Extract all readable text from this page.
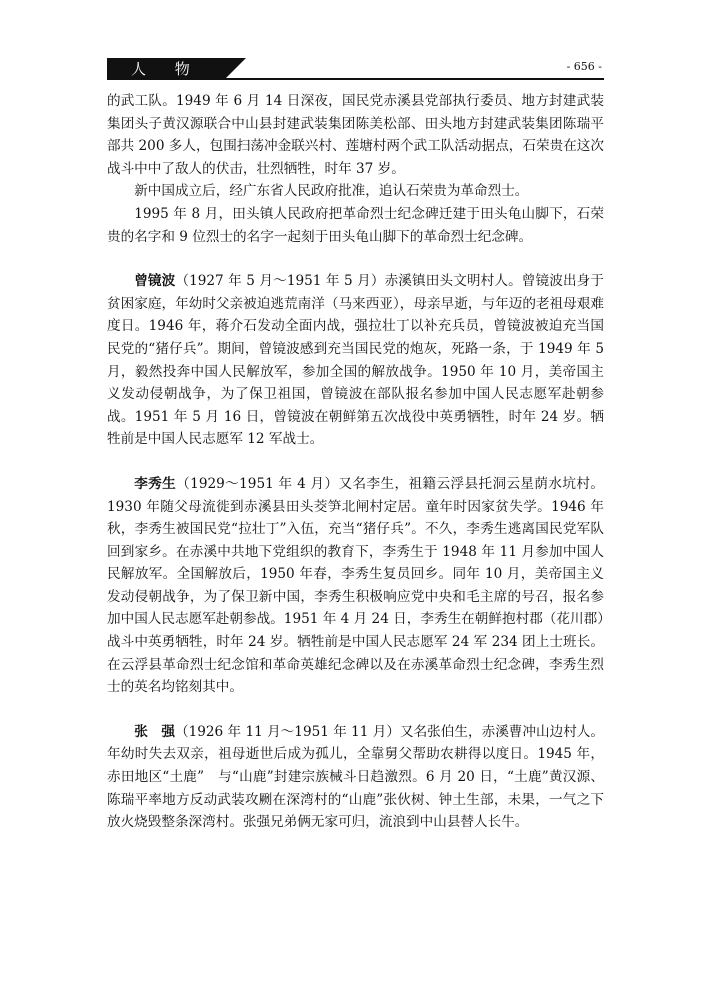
人 物	- 656 -

的武工队。1949 年 6 月 14 日深夜，国民党赤溪县党部执行委员、地方封建武装集团头子黄汉源联合中山县封建武装集团陈美松部、田头地方封建武装集团陈瑞平部共 200 多人，包围扫荡冲金联兴村、莲塘村两个武工队活动据点，石荣贵在这次战斗中中了敌人的伏击，壮烈牺牲，时年 37 岁。

新中国成立后，经广东省人民政府批准，追认石荣贵为革命烈士。

1995 年 8 月，田头镇人民政府把革命烈士纪念碑迁建于田头龟山脚下，石荣贵的名字和 9 位烈士的名字一起刻于田头龟山脚下的革命烈士纪念碑。

曾镜波（1927 年 5 月～1951 年 5 月）赤溪镇田头文明村人。曾镜波出身于贫困家庭，年幼时父亲被迫逃荒南洋（马来西亚），母亲早逝，与年迈的老祖母艰难度日。1946 年，蒋介石发动全面内战，强拉壮丁以补充兵员，曾镜波被迫充当国民党的“猪仔兵”。期间，曾镜波感到充当国民党的炮灰，死路一条，于 1949 年 5 月，毅然投奔中国人民解放军，参加全国的解放战争。1950 年 10 月，美帝国主义发动侵朝战争，为了保卫祖国，曾镜波在部队报名参加中国人民志愿军赴朝参战。1951 年 5 月 16 日，曾镜波在朝鲜第五次战役中英勇牺牲，时年 24 岁。牺牲前是中国人民志愿军 12 军战士。

李秀生（1929～1951 年 4 月）又名李生，祖籍云浮县托洞云星荫水坑村。1930 年随父母流徙到赤溪县田头茭笋北闸村定居。童年时因家贫失学。1946 年秋，李秀生被国民党“拉壮丁”入伍，充当“猪仔兵”。不久，李秀生逃离国民党军队回到家乡。在赤溪中共地下党组织的教育下，李秀生于 1948 年 11 月参加中国人民解放军。全国解放后，1950 年春，李秀生复员回乡。同年 10 月，美帝国主义发动侵朝战争，为了保卫新中国，李秀生积极响应党中央和毛主席的号召，报名参加中国人民志愿军赴朝参战。1951 年 4 月 24 日，李秀生在朝鲜抱村郡（花川郡）战斗中英勇牺牲，时年 24 岁。牺牲前是中国人民志愿军 24 军 234 团上士班长。在云浮县革命烈士纪念馆和革命英雄纪念碑以及在赤溪革命烈士纪念碑，李秀生烈士的英名均铭刻其中。

张　强（1926 年 11 月～1951 年 11 月）又名张伯生，赤溪曹冲山边村人。年幼时失去双亲，祖母逝世后成为孤儿，全靠舅父帮助农耕得以度日。1945 年，赤田地区“土鹿”　与“山鹿”封建宗族械斗日趋激烈。6 月 20 日，“土鹿”黄汉源、陈瑞平率地方反动武装攻劂在深湾村的“山鹿”张伙树、钟土生部，未果，一气之下放火烧毁整条深湾村。张强兄弟俩无家可归，流浪到中山县替人长牛。
